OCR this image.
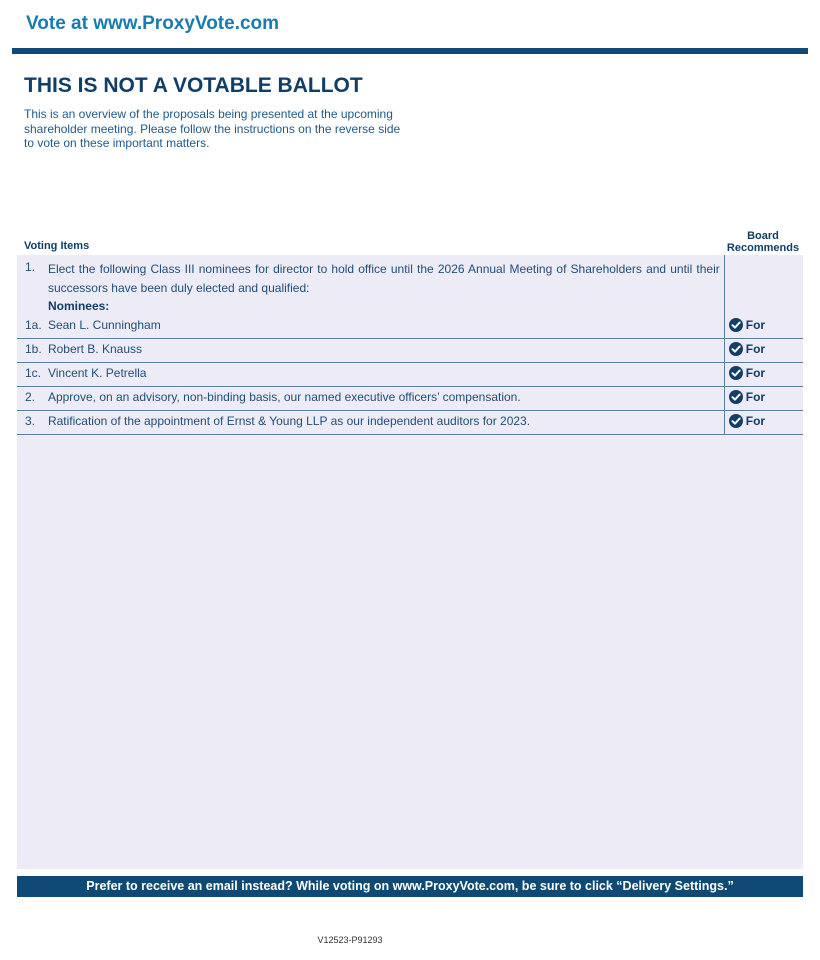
Vote at www.ProxyVote.com
THIS IS NOT A VOTABLE BALLOT
This is an overview of the proposals being presented at the upcoming shareholder meeting. Please follow the instructions on the reverse side to vote on these important matters.
Voting Items
Board
Recommends
1.	Elect the following Class III nominees for director to hold office until the 2026 Annual Meeting of Shareholders and until their successors have been duly elected and qualified:
Nominees:	

1a.	Sean L. Cunningham	For

1b.	Robert B. Knauss	For

1c.	Vincent K. Petrella	For

2.	Approve, on an advisory, non-binding basis, our named executive officers’ compensation.	For

3.	Ratification of the appointment of Ernst & Young LLP as our independent auditors for 2023.	For
Prefer to receive an email instead? While voting on www.ProxyVote.com, be sure to click “Delivery Settings.”
V12523-P91293
